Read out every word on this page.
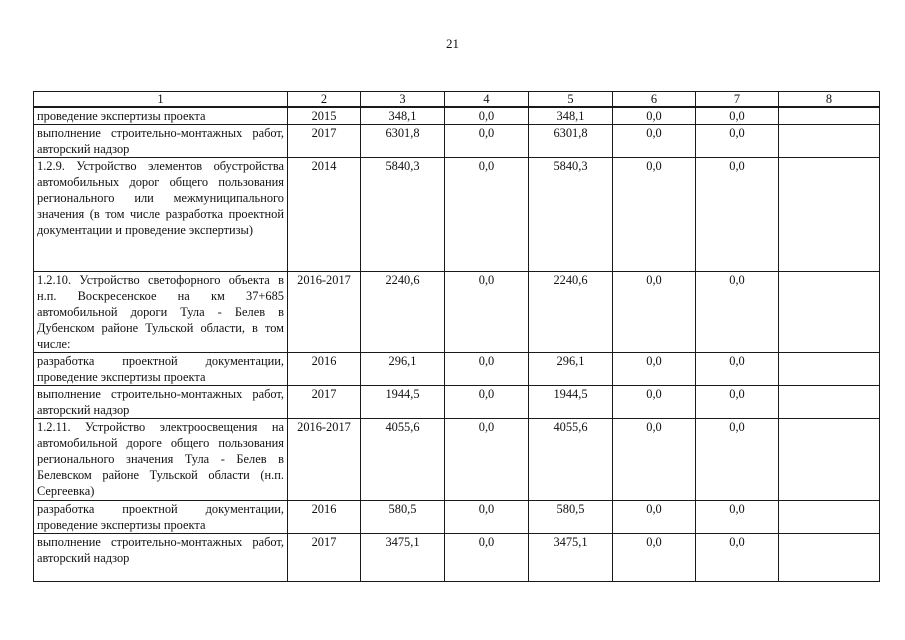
21
1	2	3	4	5	6	7	8
проведение экспертизы проекта	2015	348,1	0,0	348,1	0,0	0,0	
выполнение строительно-монтажных работ, авторский надзор	2017	6301,8	0,0	6301,8	0,0	0,0	
1.2.9. Устройство элементов обустройства автомобильных дорог общего пользования регионального или межмуниципального значения (в том числе разработка проектной документации и проведение экспертизы)	2014	5840,3	0,0	5840,3	0,0	0,0	
1.2.10. Устройство светофорного объекта в н.п. Воскресенское на км 37+685 автомобильной дороги Тула - Белев в Дубенском районе Тульской области, в том числе:	2016-2017	2240,6	0,0	2240,6	0,0	0,0	
разработка проектной документации, проведение экспертизы проекта	2016	296,1	0,0	296,1	0,0	0,0	
выполнение строительно-монтажных работ, авторский надзор	2017	1944,5	0,0	1944,5	0,0	0,0	
1.2.11. Устройство электроосвещения на автомобильной дороге общего пользования регионального значения Тула - Белев в Белевском районе Тульской области (н.п. Сергеевка)	2016-2017	4055,6	0,0	4055,6	0,0	0,0	
разработка проектной документации, проведение экспертизы проекта	2016	580,5	0,0	580,5	0,0	0,0	
выполнение строительно-монтажных работ, авторский надзор	2017	3475,1	0,0	3475,1	0,0	0,0	
